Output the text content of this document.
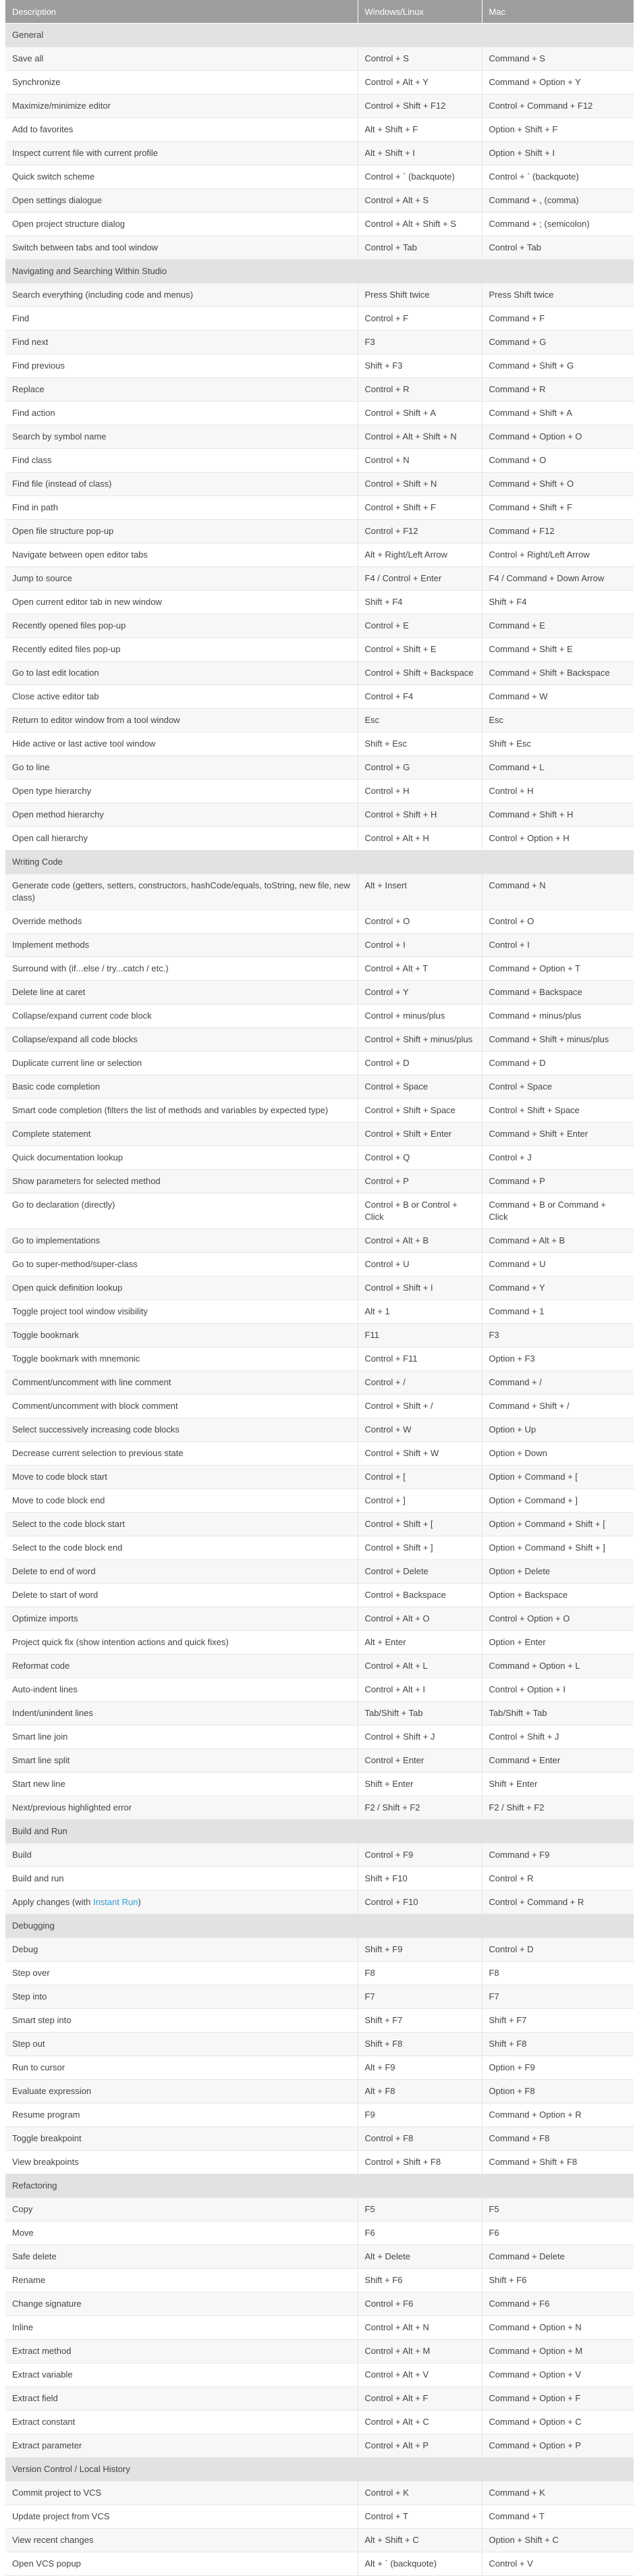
Description	Windows/Linux	Mac
General		
Save all	Control + S	Command + S
Synchronize	Control + Alt + Y	Command + Option + Y
Maximize/minimize editor	Control + Shift + F12	Control + Command + F12
Add to favorites	Alt + Shift + F	Option + Shift + F
Inspect current file with current profile	Alt + Shift + I	Option + Shift + I
Quick switch scheme	Control + ` (backquote)	Control + ` (backquote)
Open settings dialogue	Control + Alt + S	Command + , (comma)
Open project structure dialog	Control + Alt + Shift + S	Command + ; (semicolon)
Switch between tabs and tool window	Control + Tab	Control + Tab
Navigating and Searching Within Studio		
Search everything (including code and menus)	Press Shift twice	Press Shift twice
Find	Control + F	Command + F
Find next	F3	Command + G
Find previous	Shift + F3	Command + Shift + G
Replace	Control + R	Command + R
Find action	Control + Shift + A	Command + Shift + A
Search by symbol name	Control + Alt + Shift + N	Command + Option + O
Find class	Control + N	Command + O
Find file (instead of class)	Control + Shift + N	Command + Shift + O
Find in path	Control + Shift + F	Command + Shift + F
Open file structure pop-up	Control + F12	Command + F12
Navigate between open editor tabs	Alt + Right/Left Arrow	Control + Right/Left Arrow
Jump to source	F4 / Control + Enter	F4 / Command + Down Arrow
Open current editor tab in new window	Shift + F4	Shift + F4
Recently opened files pop-up	Control + E	Command + E
Recently edited files pop-up	Control + Shift + E	Command + Shift + E
Go to last edit location	Control + Shift + Backspace	Command + Shift + Backspace
Close active editor tab	Control + F4	Command + W
Return to editor window from a tool window	Esc	Esc
Hide active or last active tool window	Shift + Esc	Shift + Esc
Go to line	Control + G	Command + L
Open type hierarchy	Control + H	Control + H
Open method hierarchy	Control + Shift + H	Command + Shift + H
Open call hierarchy	Control + Alt + H	Control + Option + H
Writing Code		
Generate code (getters, setters, constructors, hashCode/equals, toString, new file, new class)	Alt + Insert	Command + N
Override methods	Control + O	Control + O
Implement methods	Control + I	Control + I
Surround with (if...else / try...catch / etc.)	Control + Alt + T	Command + Option + T
Delete line at caret	Control + Y	Command + Backspace
Collapse/expand current code block	Control + minus/plus	Command + minus/plus
Collapse/expand all code blocks	Control + Shift + minus/plus	Command + Shift + minus/plus
Duplicate current line or selection	Control + D	Command + D
Basic code completion	Control + Space	Control + Space
Smart code completion (filters the list of methods and variables by expected type)	Control + Shift + Space	Control + Shift + Space
Complete statement	Control + Shift + Enter	Command + Shift + Enter
Quick documentation lookup	Control + Q	Control + J
Show parameters for selected method	Control + P	Command + P
Go to declaration (directly)	Control + B or Control + Click	Command + B or Command + Click
Go to implementations	Control + Alt + B	Command + Alt + B
Go to super-method/super-class	Control + U	Command + U
Open quick definition lookup	Control + Shift + I	Command + Y
Toggle project tool window visibility	Alt + 1	Command + 1
Toggle bookmark	F11	F3
Toggle bookmark with mnemonic	Control + F11	Option + F3
Comment/uncomment with line comment	Control + /	Command + /
Comment/uncomment with block comment	Control + Shift + /	Command + Shift + /
Select successively increasing code blocks	Control + W	Option + Up
Decrease current selection to previous state	Control + Shift + W	Option + Down
Move to code block start	Control + [	Option + Command + [
Move to code block end	Control + ]	Option + Command + ]
Select to the code block start	Control + Shift + [	Option + Command + Shift + [
Select to the code block end	Control + Shift + ]	Option + Command + Shift + ]
Delete to end of word	Control + Delete	Option + Delete
Delete to start of word	Control + Backspace	Option + Backspace
Optimize imports	Control + Alt + O	Control + Option + O
Project quick fix (show intention actions and quick fixes)	Alt + Enter	Option + Enter
Reformat code	Control + Alt + L	Command + Option + L
Auto-indent lines	Control + Alt + I	Control + Option + I
Indent/unindent lines	Tab/Shift + Tab	Tab/Shift + Tab
Smart line join	Control + Shift + J	Control + Shift + J
Smart line split	Control + Enter	Command + Enter
Start new line	Shift + Enter	Shift + Enter
Next/previous highlighted error	F2 / Shift + F2	F2 / Shift + F2
Build and Run		
Build	Control + F9	Command + F9
Build and run	Shift + F10	Control + R
Apply changes (with Instant Run)	Control + F10	Control + Command + R
Debugging		
Debug	Shift + F9	Control + D
Step over	F8	F8
Step into	F7	F7
Smart step into	Shift + F7	Shift + F7
Step out	Shift + F8	Shift + F8
Run to cursor	Alt + F9	Option + F9
Evaluate expression	Alt + F8	Option + F8
Resume program	F9	Command + Option + R
Toggle breakpoint	Control + F8	Command + F8
View breakpoints	Control + Shift + F8	Command + Shift + F8
Refactoring		
Copy	F5	F5
Move	F6	F6
Safe delete	Alt + Delete	Command + Delete
Rename	Shift + F6	Shift + F6
Change signature	Control + F6	Command + F6
Inline	Control + Alt + N	Command + Option + N
Extract method	Control + Alt + M	Command + Option + M
Extract variable	Control + Alt + V	Command + Option + V
Extract field	Control + Alt + F	Command + Option + F
Extract constant	Control + Alt + C	Command + Option + C
Extract parameter	Control + Alt + P	Command + Option + P
Version Control / Local History		
Commit project to VCS	Control + K	Command + K
Update project from VCS	Control + T	Command + T
View recent changes	Alt + Shift + C	Option + Shift + C
Open VCS popup	Alt + ` (backquote)	Control + V
